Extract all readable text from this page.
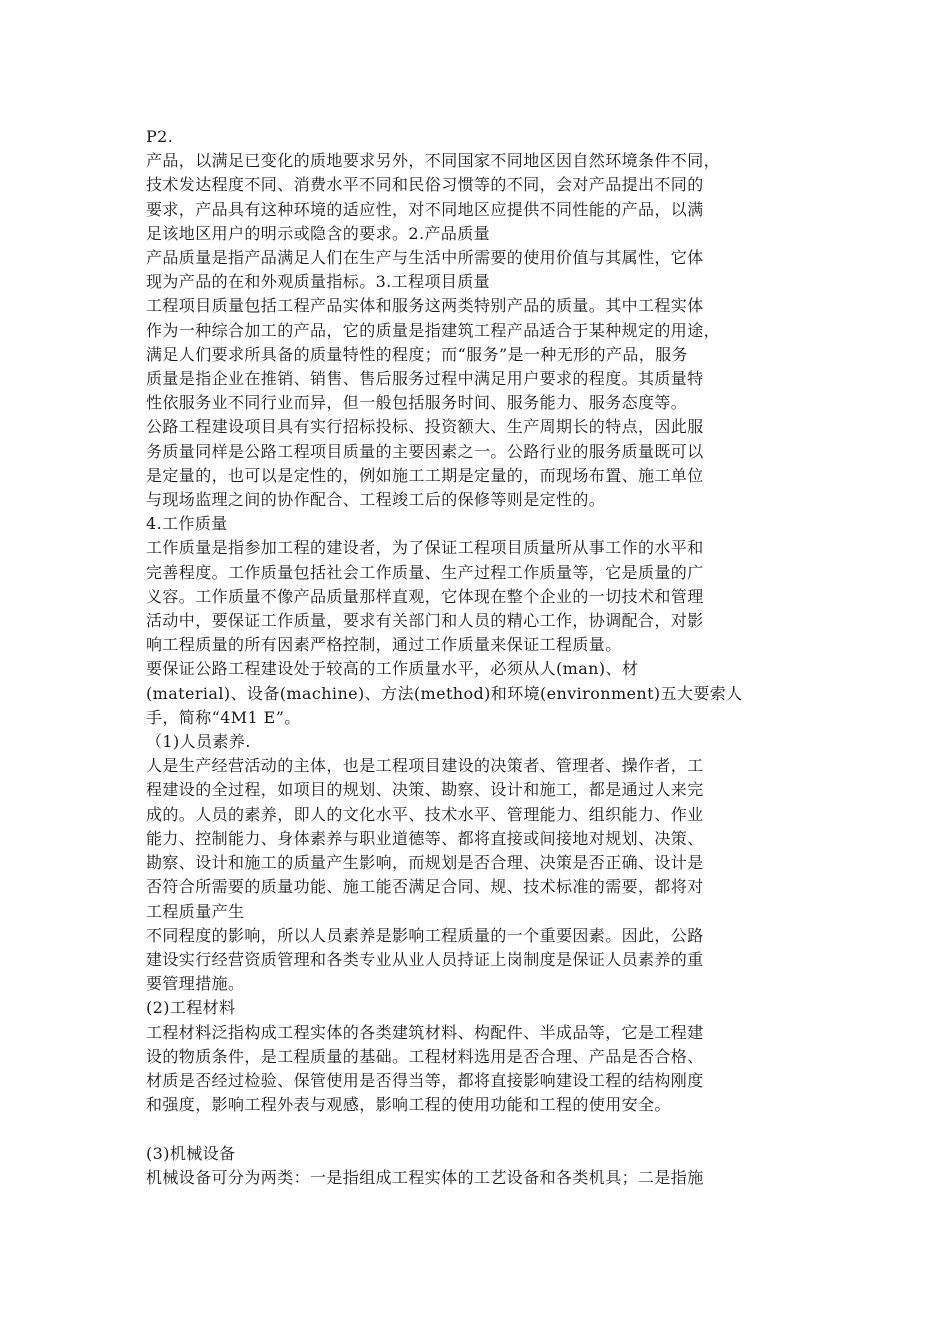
P2.
产品，以满足已变化的质地要求另外，不同国家不同地区因自然环境条件不同，
技术发达程度不同、消费水平不同和民俗习惯等的不同，会对产品提出不同的
要求，产品具有这种环境的适应性，对不同地区应提供不同性能的产品，以满
足该地区用户的明示或隐含的要求。2.产品质量
产品质量是指产品满足人们在生产与生活中所需要的使用价值与其属性，它体
现为产品的在和外观质量指标。3.工程项目质量
工程项目质量包括工程产品实体和服务这两类特别产品的质量。其中工程实体
作为一种综合加工的产品，它的质量是指建筑工程产品适合于某种规定的用途，
满足人们要求所具备的质量特性的程度；而“服务”是一种无形的产品，服务
质量是指企业在推销、销售、售后服务过程中满足用户要求的程度。其质量特
性依服务业不同行业而异，但一般包括服务时间、服务能力、服务态度等。
公路工程建设项目具有实行招标投标、投资额大、生产周期长的特点，因此服
务质量同样是公路工程项目质量的主要因素之一。公路行业的服务质量既可以
是定量的，也可以是定性的，例如施工工期是定量的，而现场布置、施工单位
与现场监理之间的协作配合、工程竣工后的保修等则是定性的。
4.工作质量
工作质量是指参加工程的建设者，为了保证工程项目质量所从事工作的水平和
完善程度。工作质量包括社会工作质量、生产过程工作质量等，它是质量的广
义容。工作质量不像产品质量那样直观，它体现在整个企业的一切技术和管理
活动中，要保证工作质量，要求有关部门和人员的精心工作，协调配合，对影
响工程质量的所有因素严格控制，通过工作质量来保证工程质量。
要保证公路工程建设处于较高的工作质量水平，必须从人(man)、材
(material)、设备(machine)、方法(method)和环境(environment)五大要索人
手，简称“4M1 E”。
（1)人员素养.
人是生产经营活动的主体，也是工程项目建设的决策者、管理者、操作者，工
程建设的全过程，如项目的规划、决策、勘察、设计和施工，都是通过人来完
成的。人员的素养，即人的文化水平、技术水平、管理能力、组织能力、作业
能力、控制能力、身体素养与职业道德等、都将直接或间接地对规划、决策、
勘察、设计和施工的质量产生影响，而规划是否合理、决策是否正确、设计是
否符合所需要的质量功能、施工能否满足合同、规、技术标准的需要，都将对
工程质量产生
不同程度的影响，所以人员素养是影响工程质量的一个重要因素。因此，公路
建设实行经营资质管理和各类专业从业人员持证上岗制度是保证人员素养的重
要管理措施。
(2)工程材料
工程材料泛指构成工程实体的各类建筑材料、构配件、半成品等，它是工程建
设的物质条件，是工程质量的基础。工程材料选用是否合理、产品是否合格、
材质是否经过检验、保管使用是否得当等，都将直接影响建设工程的结构刚度
和强度，影响工程外表与观感，影响工程的使用功能和工程的使用安全。
(3)机械设备
机械设备可分为两类：一是指组成工程实体的工艺设备和各类机具；二是指施
